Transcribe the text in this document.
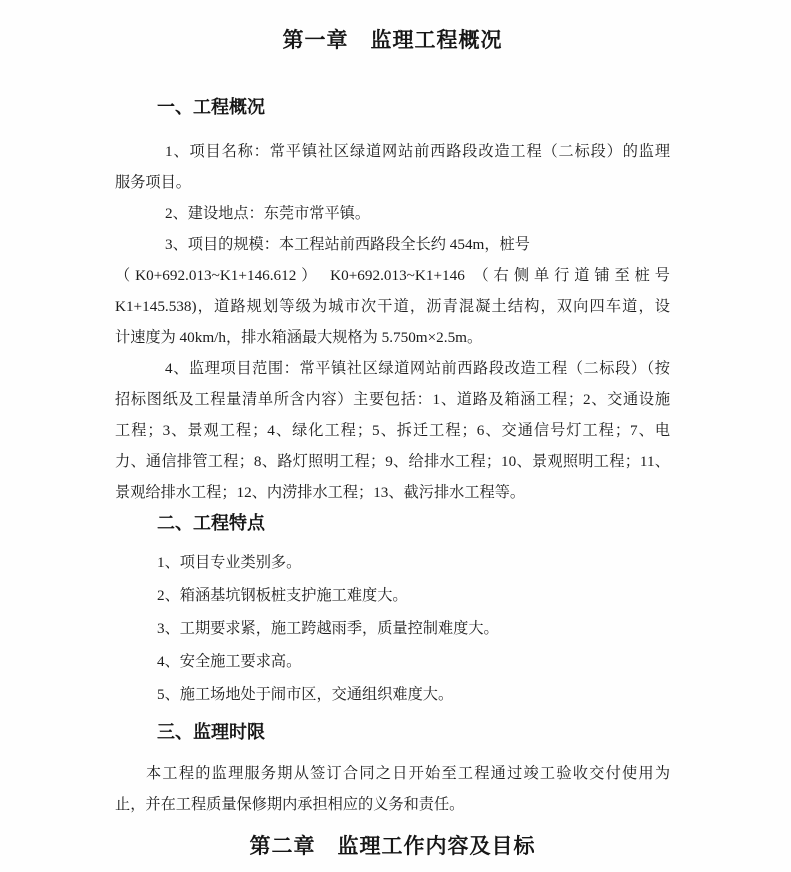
第一章　监理工程概况
一、工程概况
1、项目名称：常平镇社区绿道网站前西路段改造工程（二标段）的监理
服务项目。
2、建设地点：东莞市常平镇。
3、项目的规模：本工程站前西路段全长约 454m，桩号
（K0+692.013~K1+146.612） K0+692.013~K1+146 （右侧单行道铺至桩号
K1+145.538)，道路规划等级为城市次干道，沥青混凝土结构，双向四车道，设
计速度为 40km/h，排水箱涵最大规格为 5.750m×2.5m。
4、监理项目范围：常平镇社区绿道网站前西路段改造工程（二标段）（按
招标图纸及工程量清单所含内容）主要包括：1、道路及箱涵工程；2、交通设施
工程；3、景观工程；4、绿化工程；5、拆迁工程；6、交通信号灯工程；7、电
力、通信排管工程；8、路灯照明工程；9、给排水工程；10、景观照明工程；11、
景观给排水工程；12、内涝排水工程；13、截污排水工程等。
二、工程特点
1、项目专业类别多。
2、箱涵基坑钢板桩支护施工难度大。
3、工期要求紧，施工跨越雨季，质量控制难度大。
4、安全施工要求高。
5、施工场地处于闹市区，交通组织难度大。
三、监理时限
本工程的监理服务期从签订合同之日开始至工程通过竣工验收交付使用为
止，并在工程质量保修期内承担相应的义务和责任。
第二章　监理工作内容及目标
